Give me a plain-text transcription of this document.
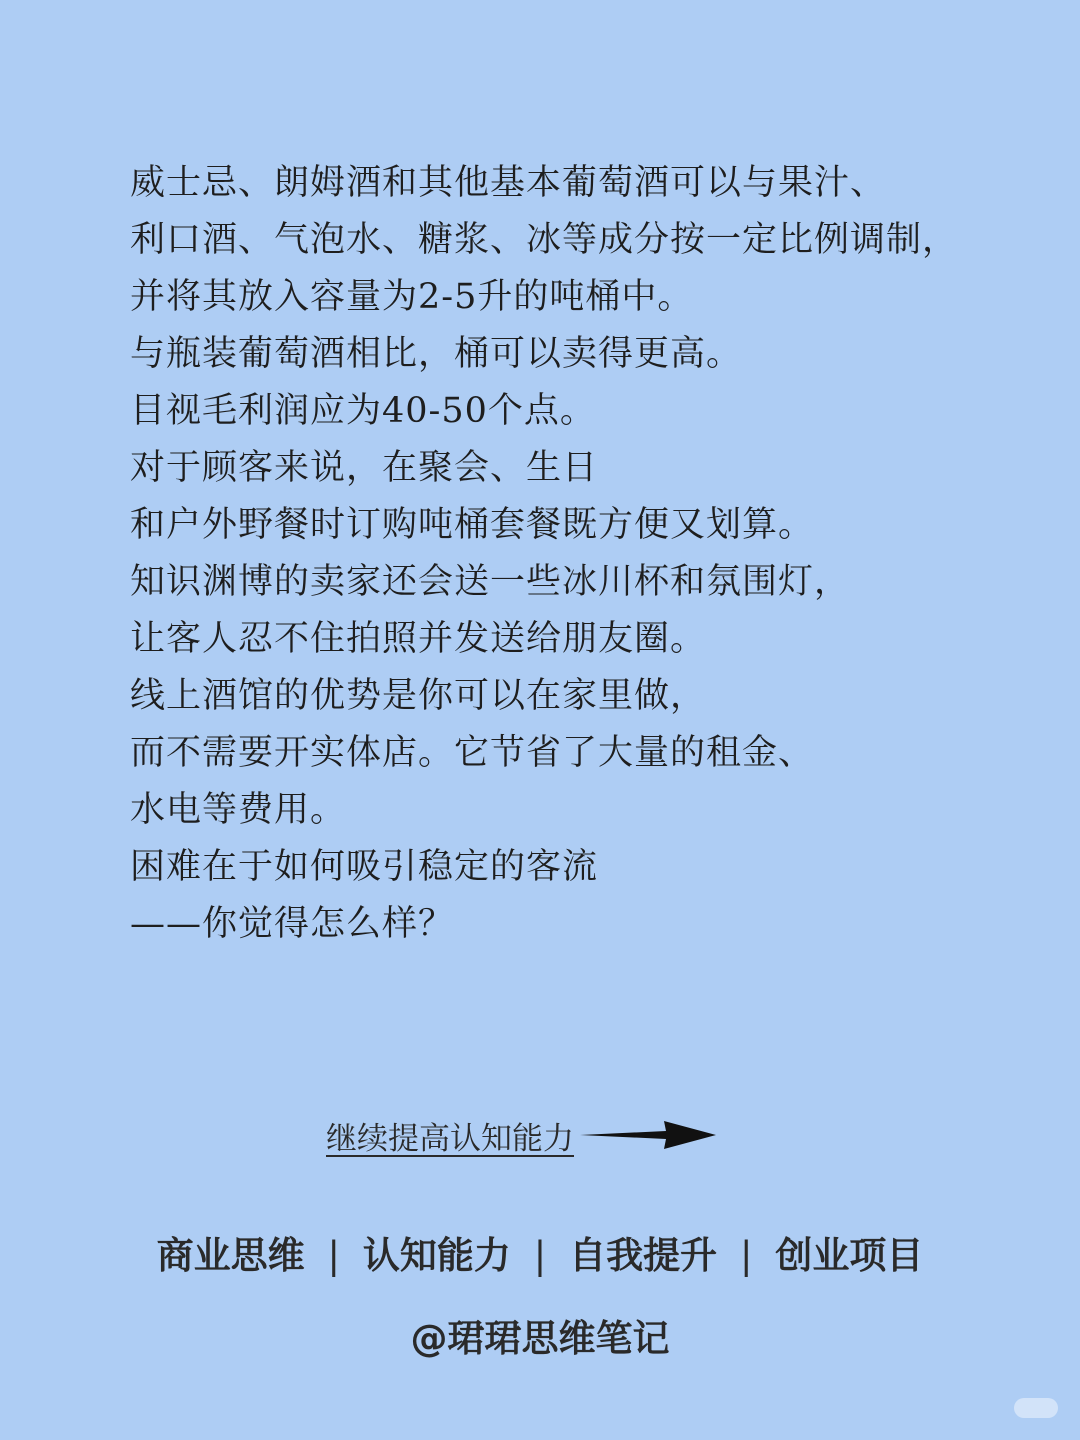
威士忌、朗姆酒和其他基本葡萄酒可以与果汁、
利口酒、气泡水、糖浆、冰等成分按一定比例调制，
并将其放入容量为2-5升的吨桶中。
与瓶装葡萄酒相比，桶可以卖得更高。
目视毛利润应为40-50个点。
对于顾客来说，在聚会、生日
和户外野餐时订购吨桶套餐既方便又划算。
知识渊博的卖家还会送一些冰川杯和氛围灯，
让客人忍不住拍照并发送给朋友圈。
线上酒馆的优势是你可以在家里做，
而不需要开实体店。它节省了大量的租金、
水电等费用。
困难在于如何吸引稳定的客流
——你觉得怎么样？
继续提高认知能力
商业思维 | 认知能力 | 自我提升 | 创业项目
@珺珺思维笔记
